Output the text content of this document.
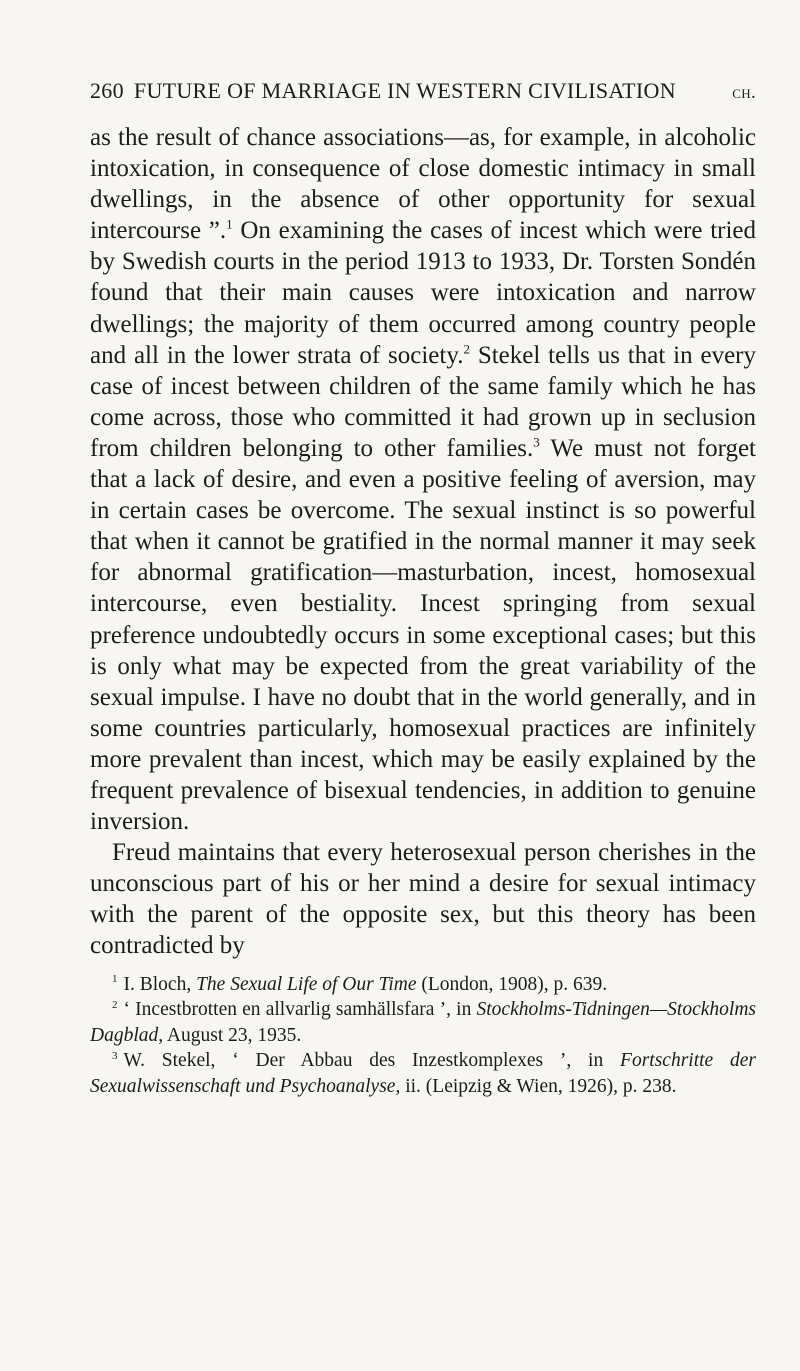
260 FUTURE OF MARRIAGE IN WESTERN CIVILISATION	ch.

as the result of chance associations—as, for example, in alcoholic intoxication, in consequence of close domestic intimacy in small dwellings, in the absence of other opportunity for sexual intercourse ”.$^1$ On examining the cases of incest which were tried by Swedish courts in the period 1913 to 1933, Dr. Torsten Sondén found that their main causes were intoxication and narrow dwellings; the majority of them occurred among country people and all in the lower strata of society.$^2$ Stekel tells us that in every case of incest between children of the same family which he has come across, those who committed it had grown up in seclusion from children belonging to other families.$^3$ We must not forget that a lack of desire, and even a positive feeling of aversion, may in certain cases be overcome. The sexual instinct is so powerful that when it cannot be gratified in the normal manner it may seek for abnormal gratification—masturbation, incest, homosexual intercourse, even bestiality. Incest springing from sexual preference undoubtedly occurs in some exceptional cases; but this is only what may be expected from the great variability of the sexual impulse. I have no doubt that in the world generally, and in some countries particularly, homosexual practices are infinitely more prevalent than incest, which may be easily explained by the frequent prevalence of bisexual tendencies, in addition to genuine inversion.

Freud maintains that every heterosexual person cherishes in the unconscious part of his or her mind a desire for sexual intimacy with the parent of the opposite sex, but this theory has been contradicted by

$^1$ I. Bloch, The Sexual Life of Our Time (London, 1908), p. 639.

$^2$ ‘ Incestbrotten en allvarlig samhällsfara ’, in Stockholms-Tidningen—Stockholms Dagblad, August 23, 1935.

$^3$ W. Stekel, ‘ Der Abbau des Inzestkomplexes ’, in Fortschritte der Sexualwissenschaft und Psychoanalyse, ii. (Leipzig & Wien, 1926), p. 238.
